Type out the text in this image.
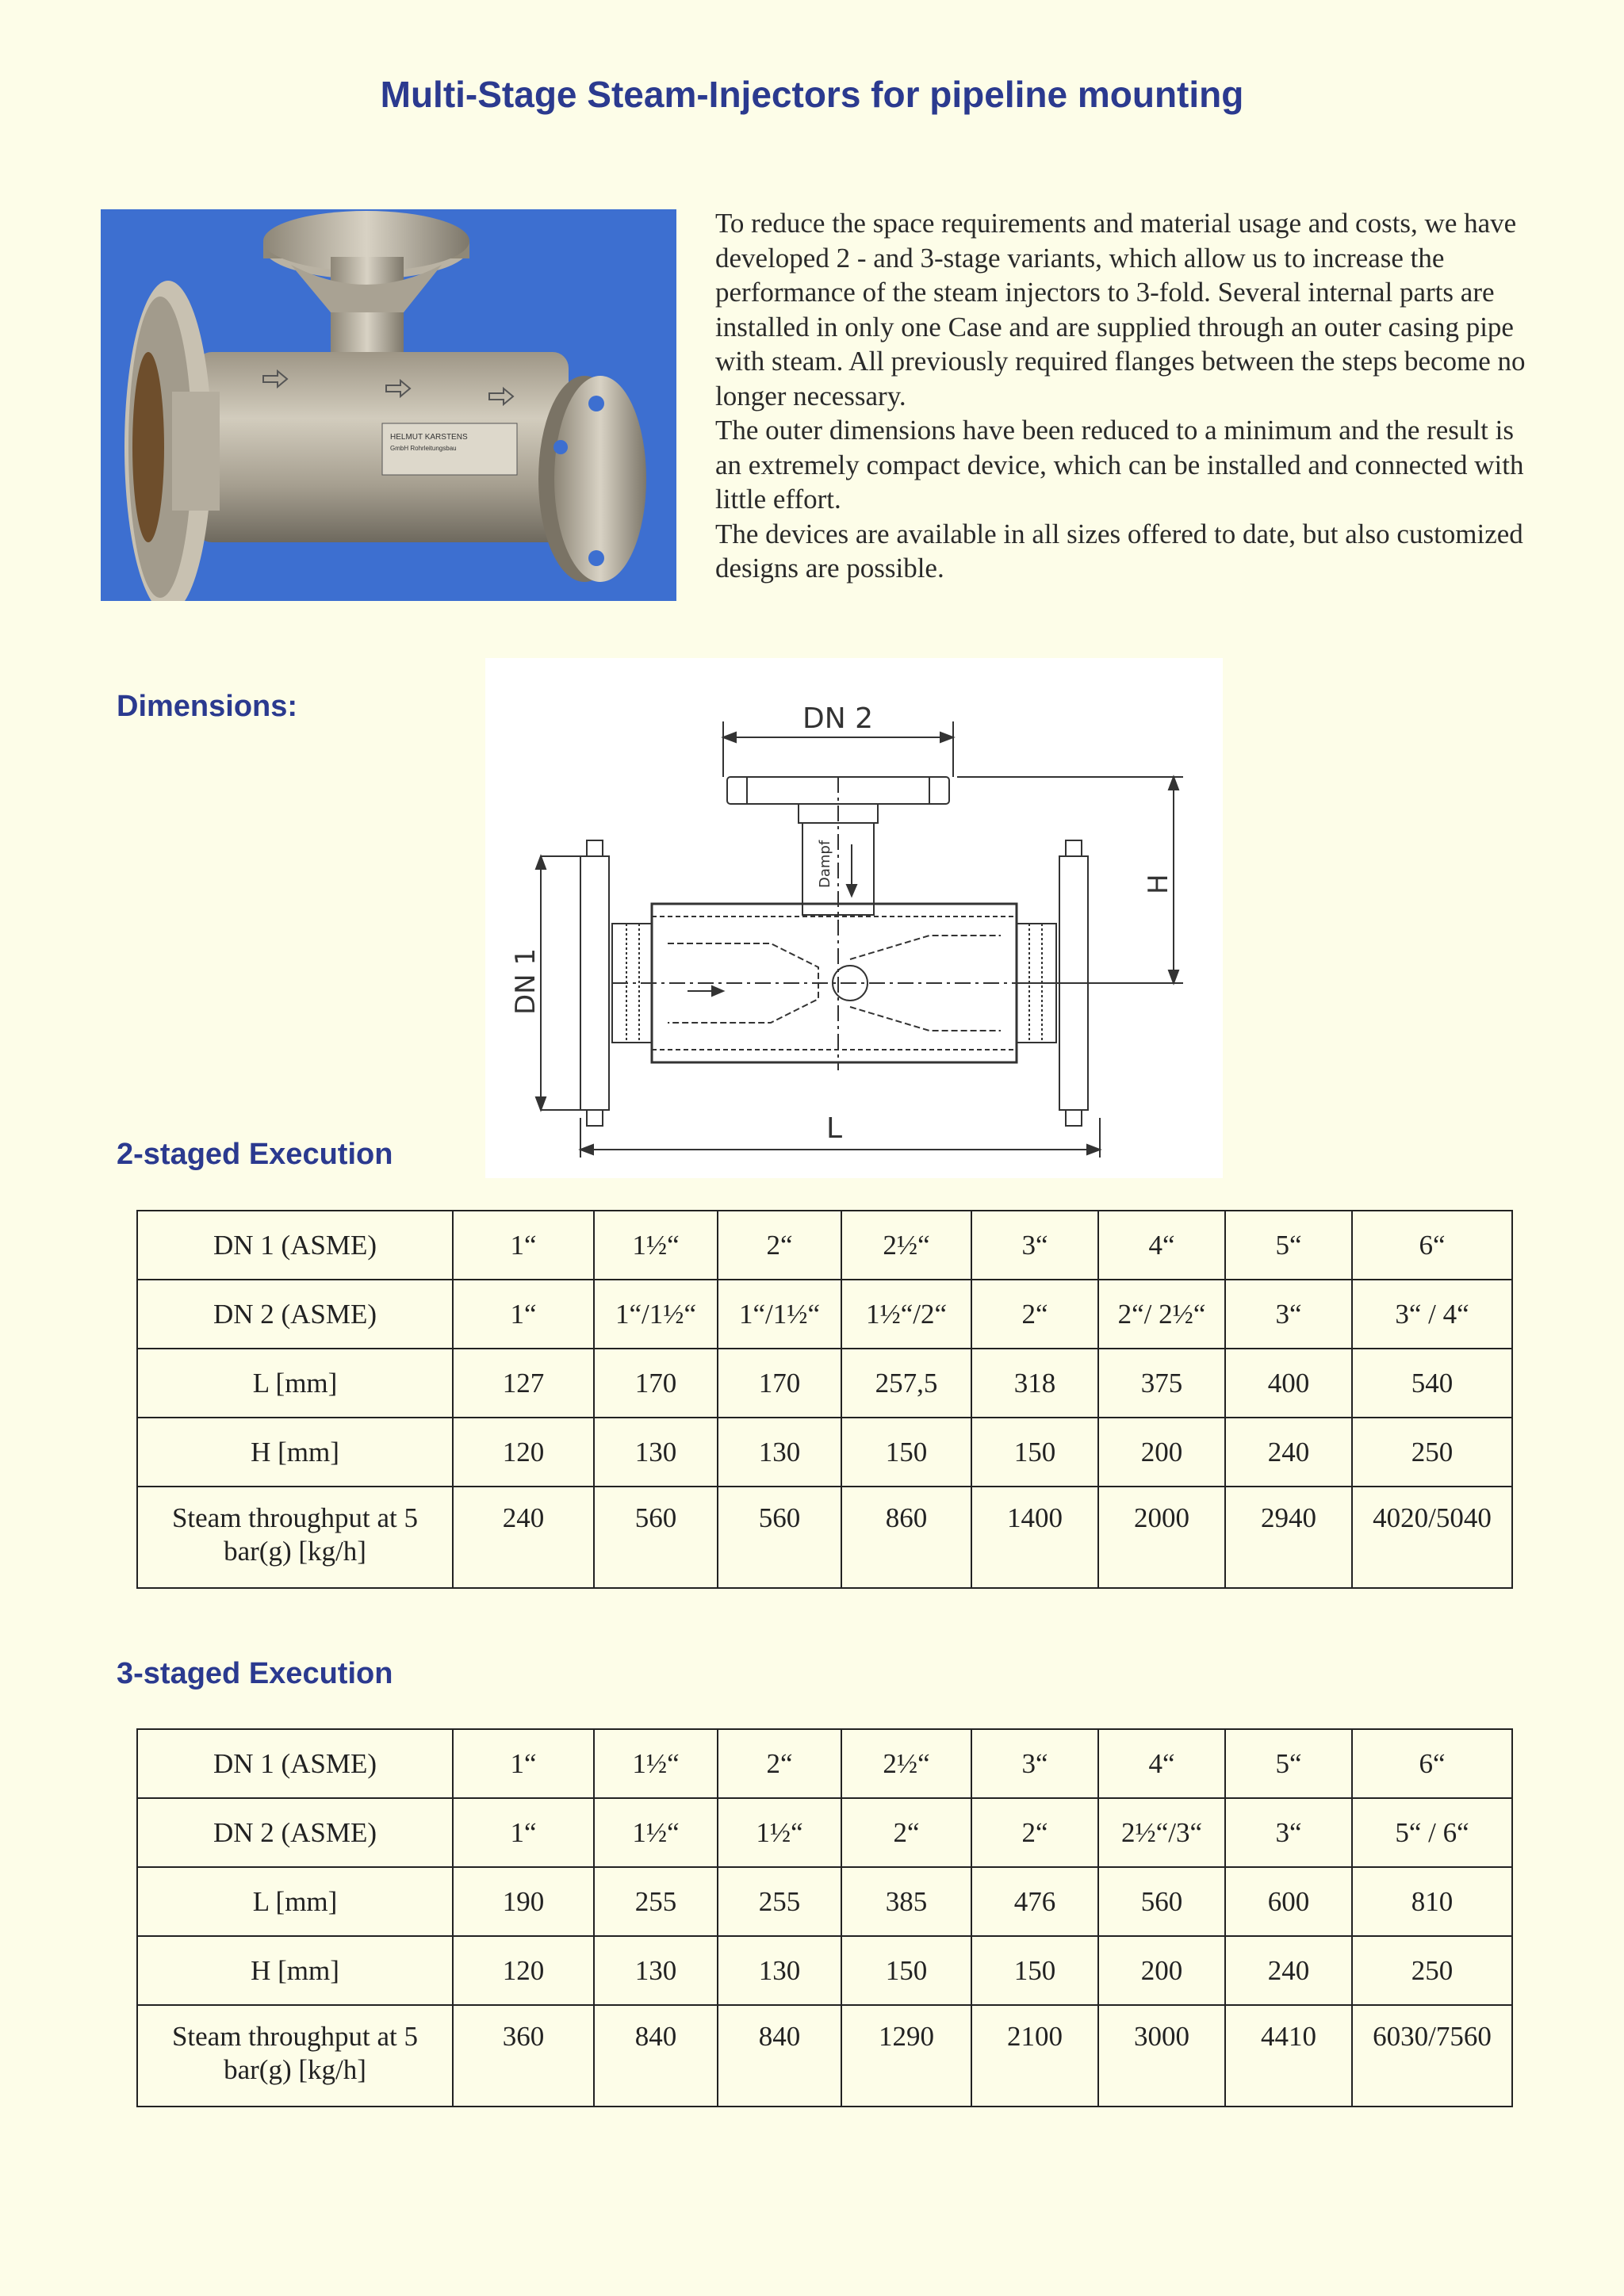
Multi-Stage Steam-Injectors for pipeline mounting
HELMUT KARSTENS
GmbH Rohrleitungsbau

To reduce the space requirements and material usage and costs, we have developed 2 - and 3-stage variants, which allow us to increase the performance of the steam injectors to 3-fold. Several internal parts are installed in only one Case and are supplied through an outer casing pipe with steam. All previously required flanges between the steps become no longer necessary.

The outer dimensions have been reduced to a minimum and the result is an extremely compact device, which can be installed and connected with little effort.

The devices are available in all sizes offered to date, but also customized designs are possible.

Dimensions:	DN 2
Dampf	H
DN 1
L
2-staged Execution
DN 1 (ASME)	1“	1½“	2“	2½“	3“	4“	5“	6“
DN 2 (ASME)	1“	1“/1½“	1“/1½“	1½“/2“	2“	2“/ 2½“	3“	3“ / 4“
L [mm]	127	170	170	257,5	318	375	400	540
H [mm]	120	130	130	150	150	200	240	250
Steam throughput at 5 bar(g) [kg/h]	240	560	560	860	1400	2000	2940	4020/5040
3-staged Execution
DN 1 (ASME)	1“	1½“	2“	2½“	3“	4“	5“	6“
DN 2 (ASME)	1“	1½“	1½“	2“	2“	2½“/3“	3“	5“ / 6“
L [mm]	190	255	255	385	476	560	600	810
H [mm]	120	130	130	150	150	200	240	250
Steam throughput at 5 bar(g) [kg/h]	360	840	840	1290	2100	3000	4410	6030/7560
